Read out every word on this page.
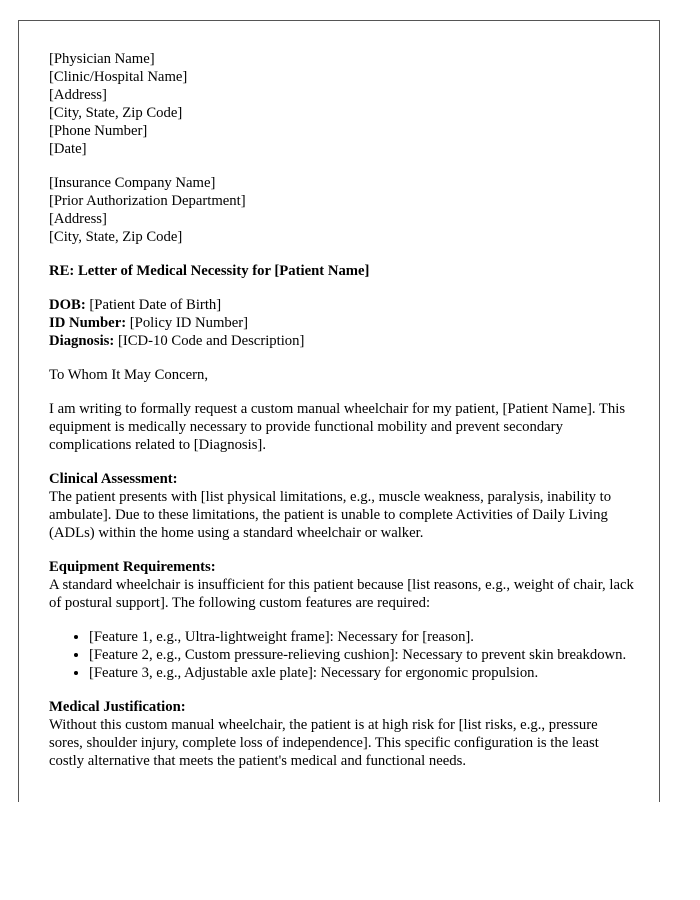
[Physician Name]
[Clinic/Hospital Name]
[Address]
[City, State, Zip Code]
[Phone Number]
[Date]
[Insurance Company Name]
[Prior Authorization Department]
[Address]
[City, State, Zip Code]
RE: Letter of Medical Necessity for [Patient Name]
DOB: [Patient Date of Birth]
ID Number: [Policy ID Number]
Diagnosis: [ICD-10 Code and Description]

To Whom It May Concern,

I am writing to formally request a custom manual wheelchair for my patient, [Patient Name]. This equipment is medically necessary to provide functional mobility and prevent secondary complications related to [Diagnosis].

Clinical Assessment:
The patient presents with [list physical limitations, e.g., muscle weakness, paralysis, inability to ambulate]. Due to these limitations, the patient is unable to complete Activities of Daily Living (ADLs) within the home using a standard wheelchair or walker.
Equipment Requirements:

A standard wheelchair is insufficient for this patient because [list reasons, e.g., weight of chair, lack of postural support]. The following custom features are required:

• [Feature 1, e.g., Ultra-lightweight frame]: Necessary for [reason].
• [Feature 2, e.g., Custom pressure-relieving cushion]: Necessary to prevent skin breakdown.
• [Feature 3, e.g., Adjustable axle plate]: Necessary for ergonomic propulsion.
Medical Justification:
Without this custom manual wheelchair, the patient is at high risk for [list risks, e.g., pressure sores, shoulder injury, complete loss of independence]. This specific configuration is the least costly alternative that meets the patient's medical and functional needs.
